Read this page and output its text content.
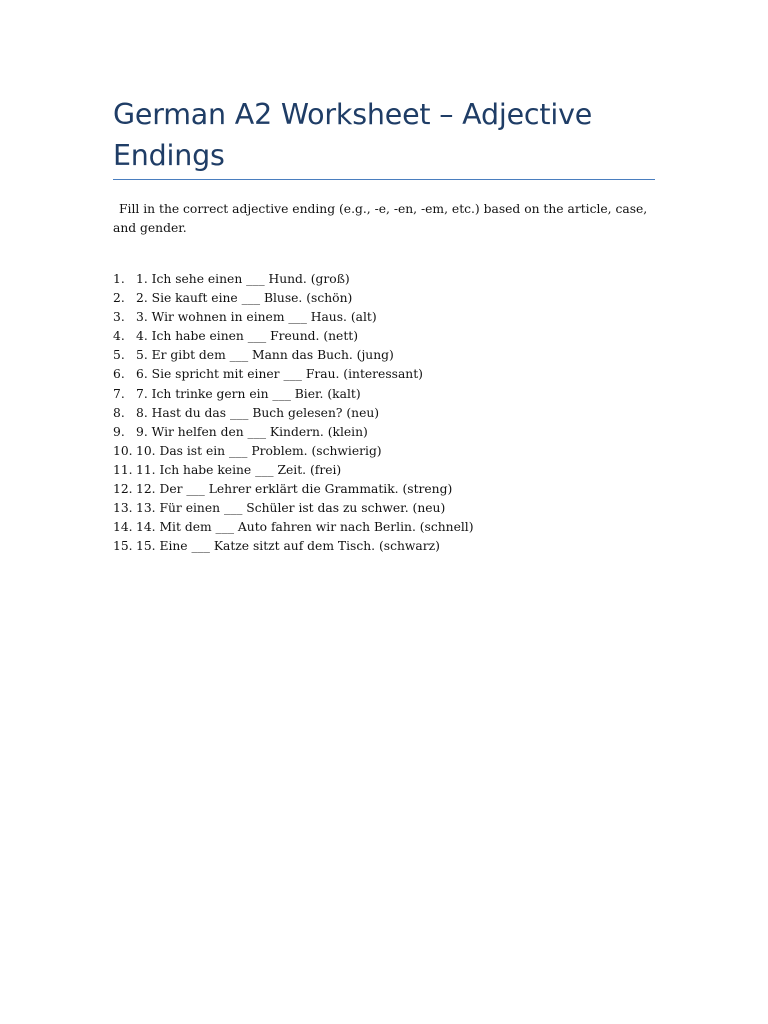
German A2 Worksheet – Adjective Endings

Fill in the correct adjective ending (e.g., -e, -en, -em, etc.) based on the article, case, and gender.

1. 1. Ich sehe einen ___ Hund. (groß)
2. 2. Sie kauft eine ___ Bluse. (schön)
3. 3. Wir wohnen in einem ___ Haus. (alt)
4. 4. Ich habe einen ___ Freund. (nett)
5. 5. Er gibt dem ___ Mann das Buch. (jung)
6. 6. Sie spricht mit einer ___ Frau. (interessant)
7. 7. Ich trinke gern ein ___ Bier. (kalt)
8. 8. Hast du das ___ Buch gelesen? (neu)
9. 9. Wir helfen den ___ Kindern. (klein)
10. 10. Das ist ein ___ Problem. (schwierig)
11. 11. Ich habe keine ___ Zeit. (frei)
12. 12. Der ___ Lehrer erklärt die Grammatik. (streng)
13. 13. Für einen ___ Schüler ist das zu schwer. (neu)
14. 14. Mit dem ___ Auto fahren wir nach Berlin. (schnell)
15. 15. Eine ___ Katze sitzt auf dem Tisch. (schwarz)
